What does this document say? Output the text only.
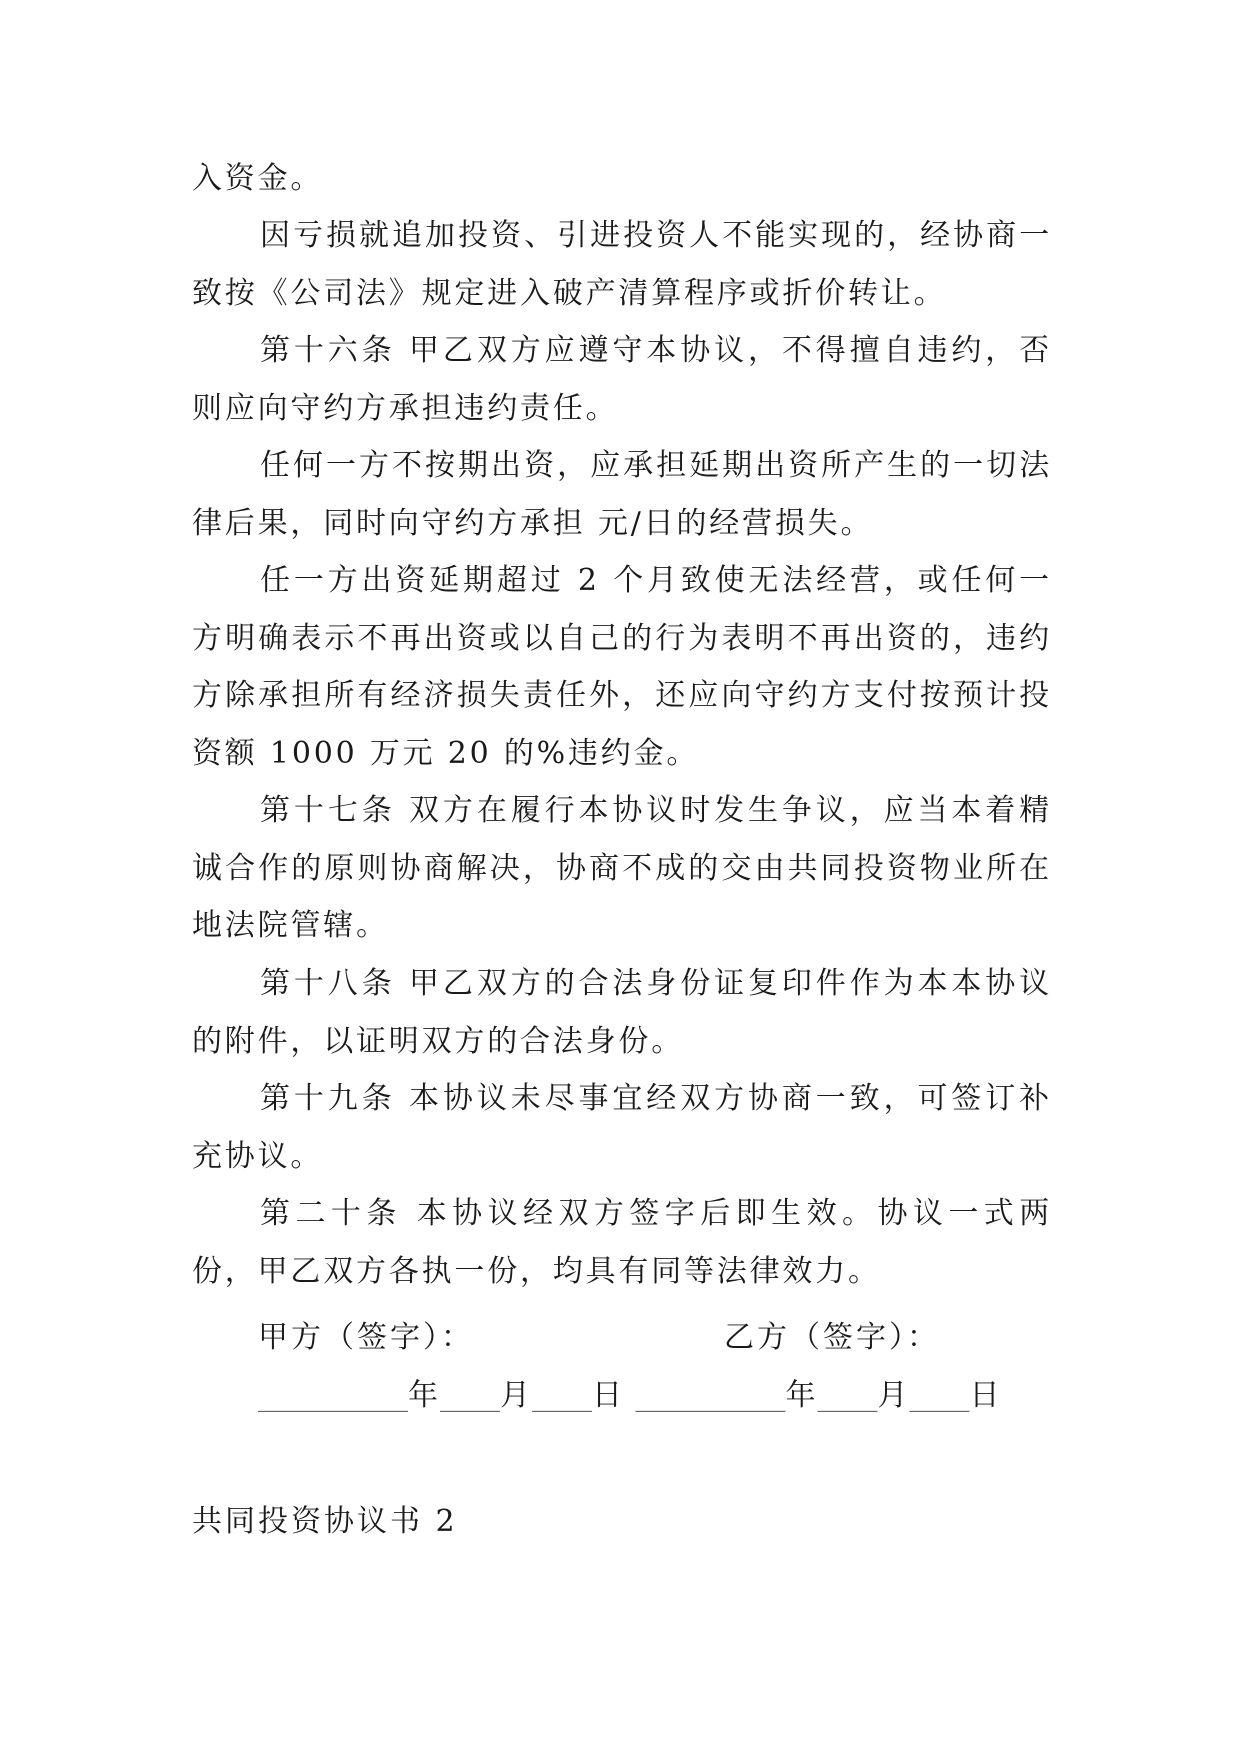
入资金。
因亏损就追加投资、引进投资人不能实现的，经协商一致按《公司法》规定进入破产清算程序或折价转让。
第十六条 甲乙双方应遵守本协议，不得擅自违约，否则应向守约方承担违约责任。
任何一方不按期出资，应承担延期出资所产生的一切法律后果，同时向守约方承担 元/日的经营损失。
任一方出资延期超过 2 个月致使无法经营，或任何一方明确表示不再出资或以自己的行为表明不再出资的，违约方除承担所有经济损失责任外，还应向守约方支付按预计投资额 1000 万元 20 的%违约金。
第十七条 双方在履行本协议时发生争议，应当本着精诚合作的原则协商解决，协商不成的交由共同投资物业所在地法院管辖。
第十八条 甲乙双方的合法身份证复印件作为本本协议的附件，以证明双方的合法身份。
第十九条 本协议未尽事宜经双方协商一致，可签订补充协议。
第二十条 本协议经双方签字后即生效。协议一式两份，甲乙双方各执一份，均具有同等法律效力。
甲方（签字）：	乙方（签字）：
__________年____月____日 __________年____月____日
共同投资协议书 2
